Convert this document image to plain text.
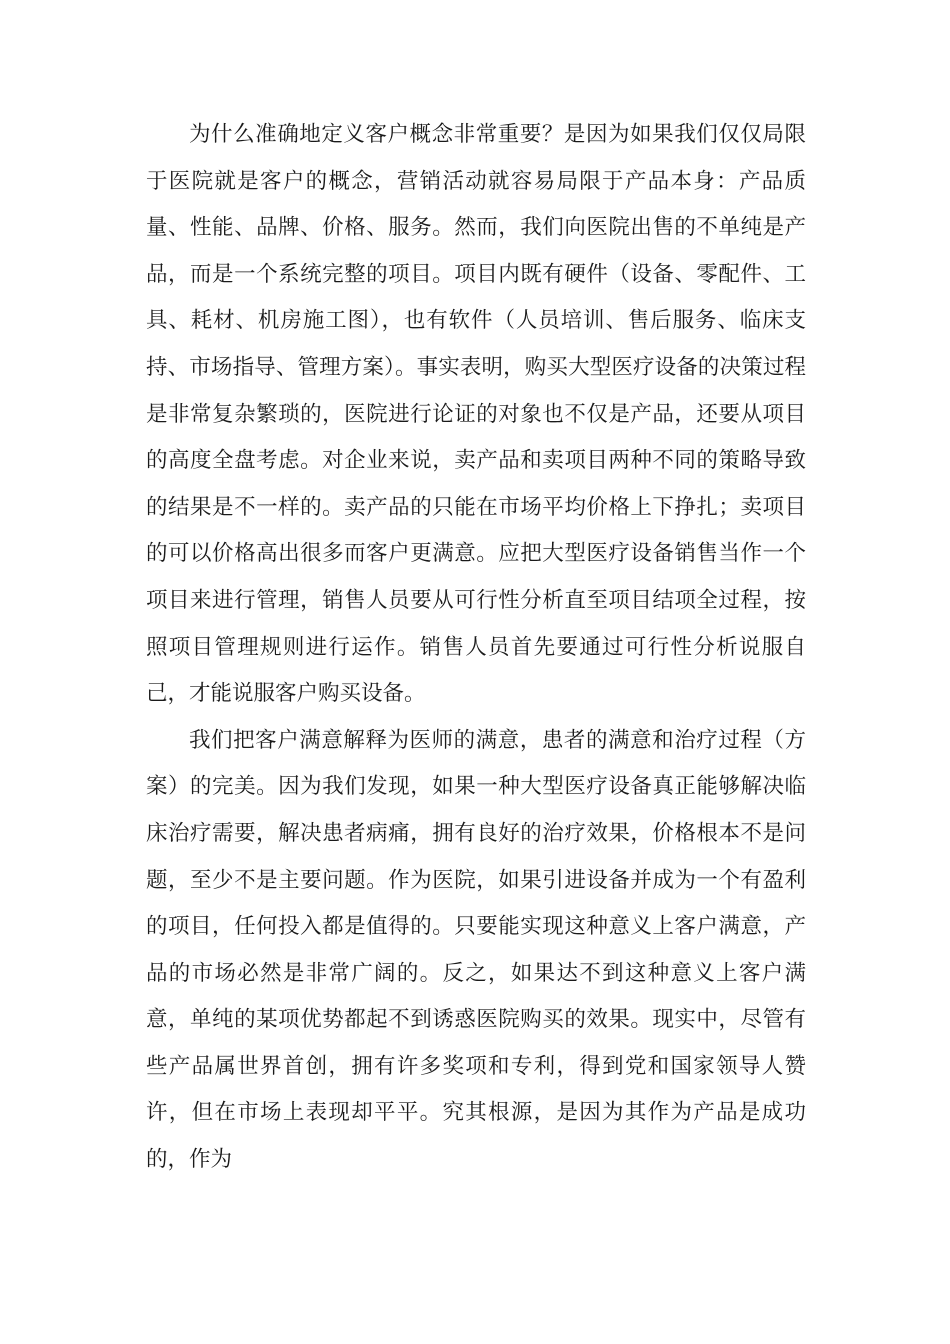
为什么准确地定义客户概念非常重要？是因为如果我们仅仅局限于医院就是客户的概念，营销活动就容易局限于产品本身：产品质量、性能、品牌、价格、服务。然而，我们向医院出售的不单纯是产品，而是一个系统完整的项目。项目内既有硬件（设备、零配件、工具、耗材、机房施工图），也有软件（人员培训、售后服务、临床支持、市场指导、管理方案）。事实表明，购买大型医疗设备的决策过程是非常复杂繁琐的，医院进行论证的对象也不仅是产品，还要从项目的高度全盘考虑。对企业来说，卖产品和卖项目两种不同的策略导致的结果是不一样的。卖产品的只能在市场平均价格上下挣扎；卖项目的可以价格高出很多而客户更满意。应把大型医疗设备销售当作一个项目来进行管理，销售人员要从可行性分析直至项目结项全过程，按照项目管理规则进行运作。销售人员首先要通过可行性分析说服自己，才能说服客户购买设备。

我们把客户满意解释为医师的满意，患者的满意和治疗过程（方案）的完美。因为我们发现，如果一种大型医疗设备真正能够解决临床治疗需要，解决患者病痛，拥有良好的治疗效果，价格根本不是问题，至少不是主要问题。作为医院，如果引进设备并成为一个有盈利的项目，任何投入都是值得的。只要能实现这种意义上客户满意，产品的市场必然是非常广阔的。反之，如果达不到这种意义上客户满意，单纯的某项优势都起不到诱惑医院购买的效果。现实中，尽管有些产品属世界首创，拥有许多奖项和专利，得到党和国家领导人赞许，但在市场上表现却平平。究其根源，是因为其作为产品是成功的，作为
